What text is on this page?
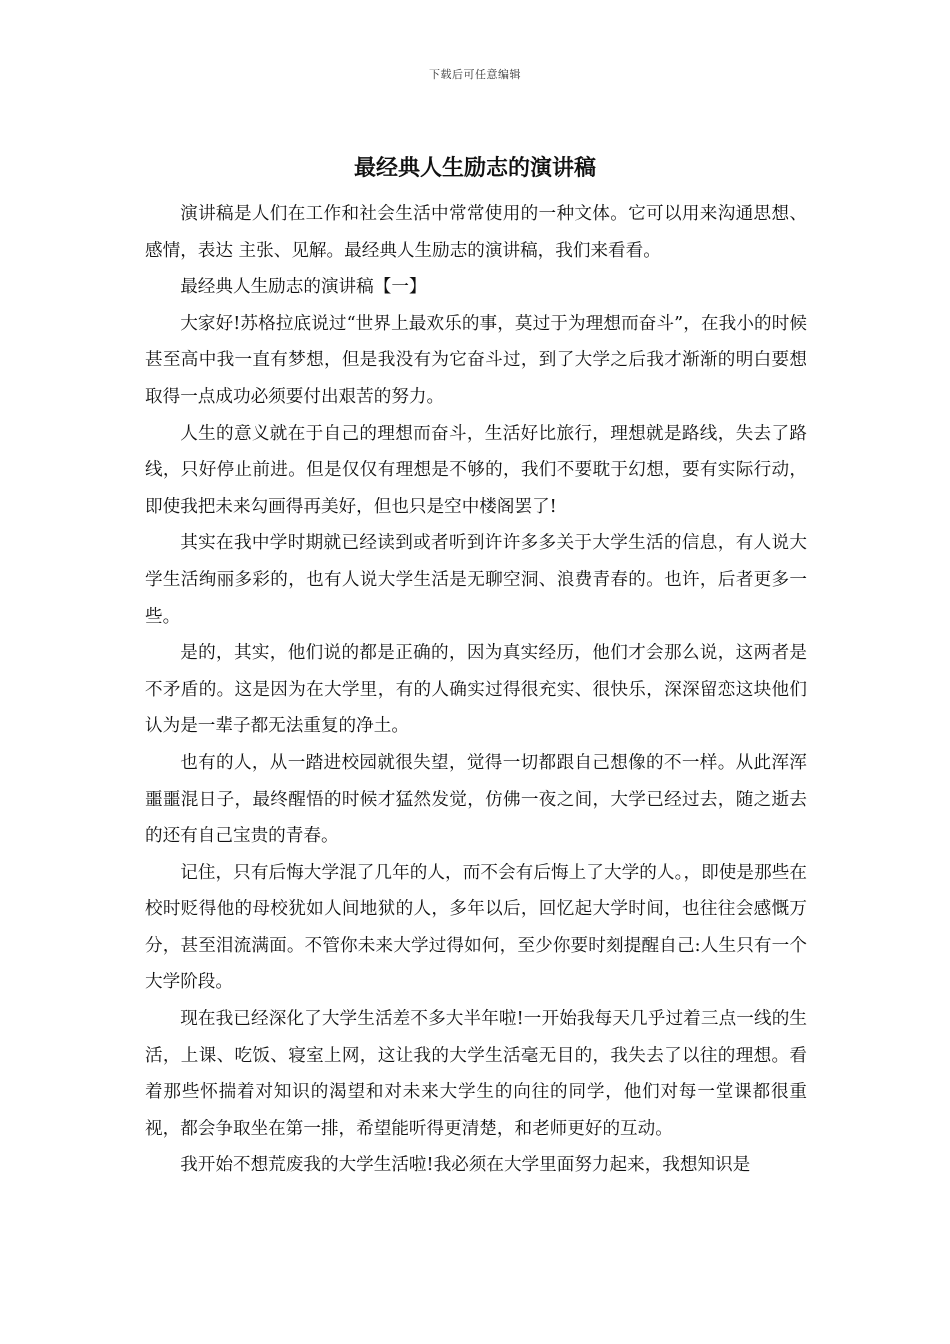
下载后可任意编辑
最经典人生励志的演讲稿

演讲稿是人们在工作和社会生活中常常使用的一种文体。它可以用来沟通思想、感情，表达 主张、见解。最经典人生励志的演讲稿，我们来看看。

最经典人生励志的演讲稿【一】

大家好!苏格拉底说过“世界上最欢乐的事，莫过于为理想而奋斗”，在我小的时候甚至高中我一直有梦想，但是我没有为它奋斗过，到了大学之后我才渐渐的明白要想取得一点成功必须要付出艰苦的努力。

人生的意义就在于自己的理想而奋斗，生活好比旅行，理想就是路线，失去了路线，只好停止前进。但是仅仅有理想是不够的，我们不要耽于幻想，要有实际行动，即使我把未来勾画得再美好，但也只是空中楼阁罢了!

其实在我中学时期就已经读到或者听到许许多多关于大学生活的信息，有人说大学生活绚丽多彩的，也有人说大学生活是无聊空洞、浪费青春的。也许，后者更多一些。

是的，其实，他们说的都是正确的，因为真实经历，他们才会那么说，这两者是不矛盾的。这是因为在大学里，有的人确实过得很充实、很快乐，深深留恋这块他们认为是一辈子都无法重复的净土。

也有的人，从一踏进校园就很失望，觉得一切都跟自己想像的不一样。从此浑浑噩噩混日子，最终醒悟的时候才猛然发觉，仿佛一夜之间，大学已经过去，随之逝去的还有自己宝贵的青春。

记住，只有后悔大学混了几年的人，而不会有后悔上了大学的人。，即使是那些在校时贬得他的母校犹如人间地狱的人，多年以后，回忆起大学时间，也往往会感慨万分，甚至泪流满面。不管你未来大学过得如何，至少你要时刻提醒自己:人生只有一个大学阶段。

现在我已经深化了大学生活差不多大半年啦!一开始我每天几乎过着三点一线的生活，上课、吃饭、寝室上网，这让我的大学生活毫无目的，我失去了以往的理想。看着那些怀揣着对知识的渴望和对未来大学生的向往的同学，他们对每一堂课都很重视，都会争取坐在第一排，希望能听得更清楚，和老师更好的互动。

我开始不想荒废我的大学生活啦!我必须在大学里面努力起来，我想知识是
